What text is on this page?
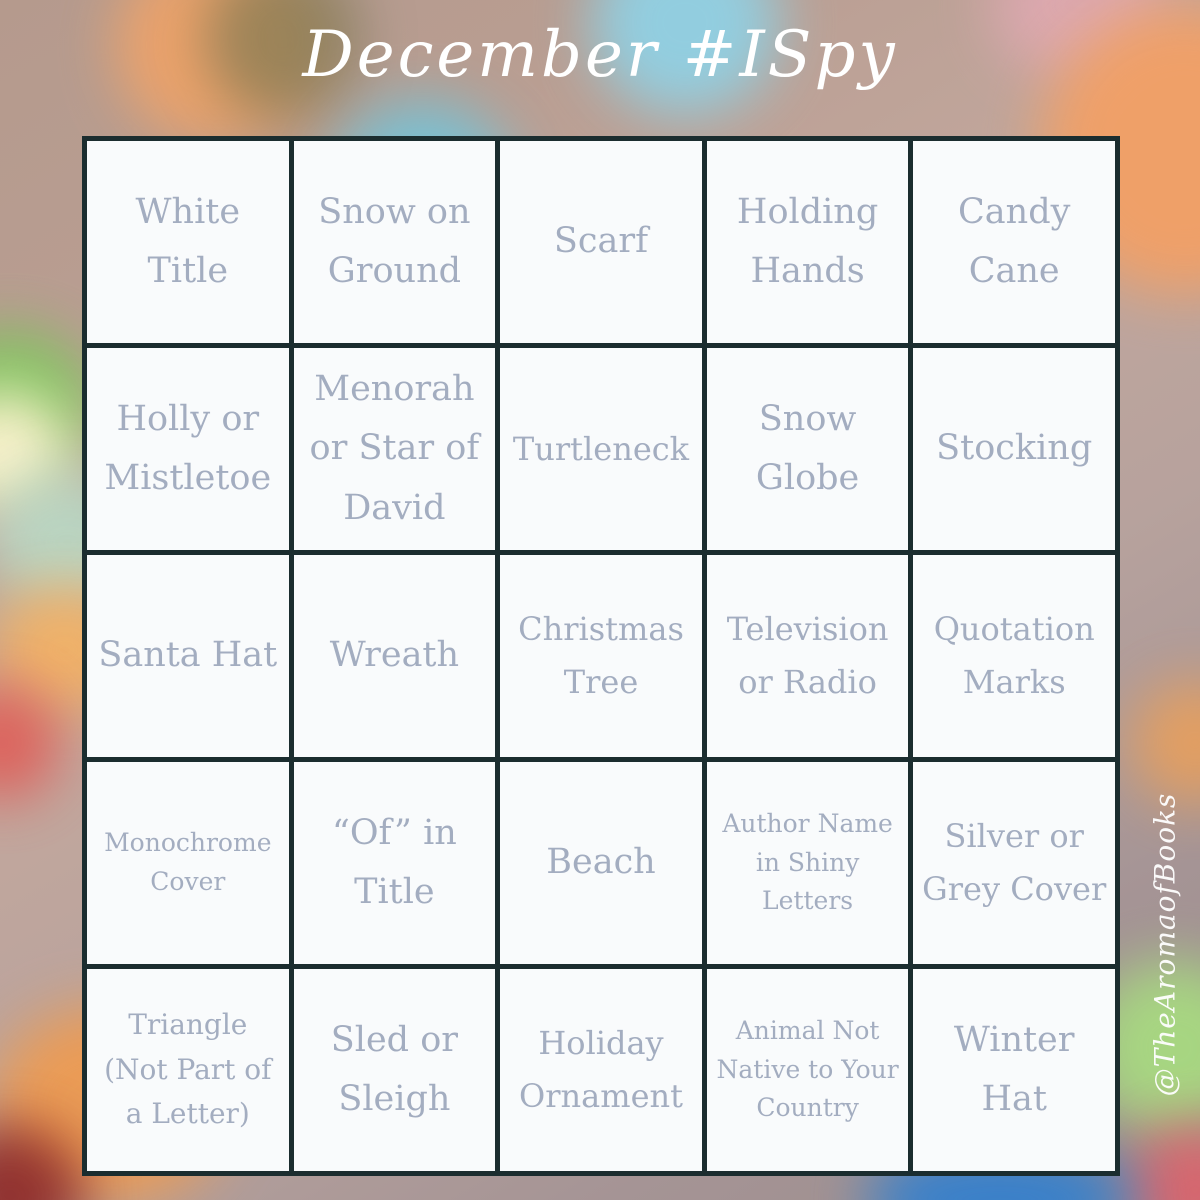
December #ISpy
White Title
Snow on Ground
Scarf
Holding Hands
Candy Cane
Holly or Mistletoe
Menorah or Star of David
Turtleneck
Snow Globe
Stocking
Santa Hat Wreath
Christmas Tree
Television or Radio
Quotation Marks
Monochrome Cover
“Of” in Title
Beach
Author Name in Shiny Letters
Silver or Grey Cover
Triangle (Not Part of a Letter)
Sled or Sleigh
Holiday Ornament
Animal Not Native to Your Country
Winter Hat
@TheAromaofBooks
